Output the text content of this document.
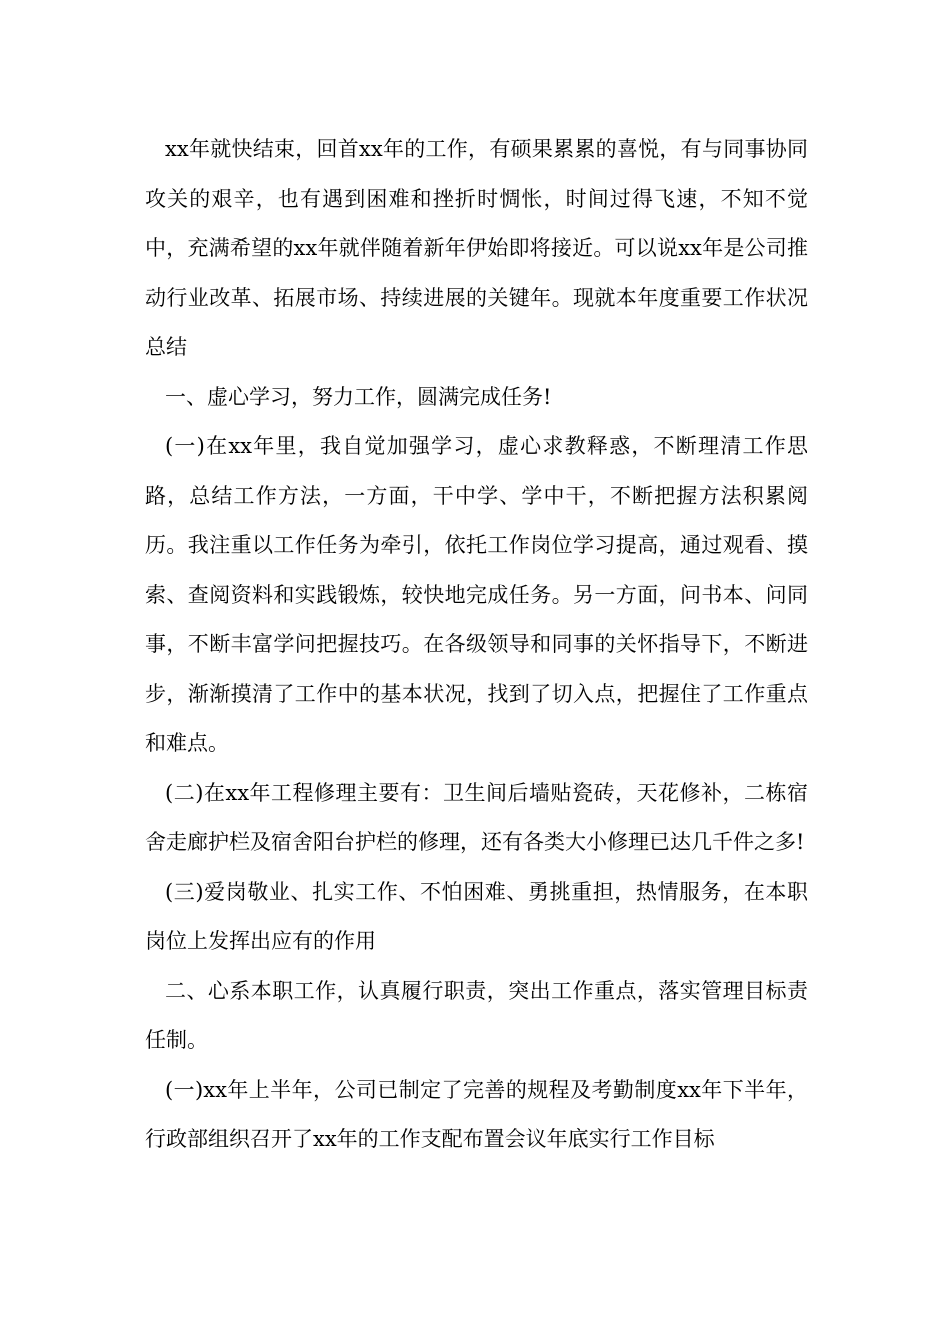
xx年就快结束，回首xx年的工作，有硕果累累的喜悦，有与同事协同攻关的艰辛，也有遇到困难和挫折时惆怅，时间过得飞速，不知不觉中，充满希望的xx年就伴随着新年伊始即将接近。可以说xx年是公司推动行业改革、拓展市场、持续进展的关键年。现就本年度重要工作状况总结

一、虚心学习，努力工作，圆满完成任务!

(一)在xx年里，我自觉加强学习，虚心求教释惑，不断理清工作思路，总结工作方法，一方面，干中学、学中干，不断把握方法积累阅历。我注重以工作任务为牵引，依托工作岗位学习提高，通过观看、摸索、查阅资料和实践锻炼，较快地完成任务。另一方面，问书本、问同事，不断丰富学问把握技巧。在各级领导和同事的关怀指导下，不断进步，渐渐摸清了工作中的基本状况，找到了切入点，把握住了工作重点和难点。

(二)在xx年工程修理主要有：卫生间后墙贴瓷砖，天花修补，二栋宿舍走廊护栏及宿舍阳台护栏的修理，还有各类大小修理已达几千件之多!

(三)爱岗敬业、扎实工作、不怕困难、勇挑重担，热情服务，在本职岗位上发挥出应有的作用

二、心系本职工作，认真履行职责，突出工作重点，落实管理目标责任制。

(一)xx年上半年，公司已制定了完善的规程及考勤制度xx年下半年，行政部组织召开了xx年的工作支配布置会议年底实行工作目标
